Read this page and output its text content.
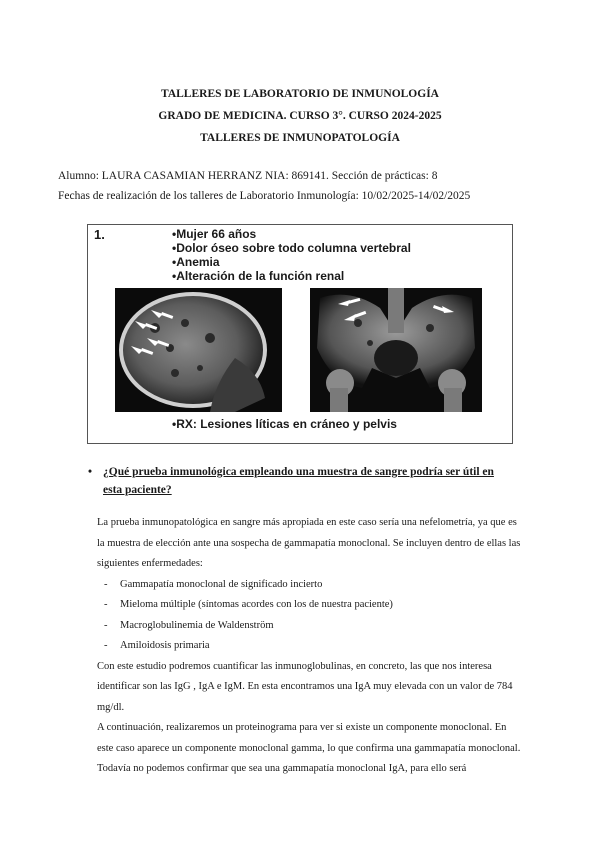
TALLERES DE LABORATORIO DE INMUNOLOGÍA
GRADO DE MEDICINA. CURSO 3°. CURSO 2024-2025
TALLERES DE INMUNOPATOLOGÍA
Alumno: LAURA CASAMIAN HERRANZ NIA: 869141. Sección de prácticas: 8
Fechas de realización de los talleres de Laboratorio Inmunología: 10/02/2025-14/02/2025
1.	•Mujer 66 años
•Dolor óseo sobre todo columna vertebral
•Anemia
•Alteración de la función renal
•RX: Lesiones líticas en cráneo y pelvis
• ¿Qué prueba inmunológica empleando una muestra de sangre podría ser útil en esta paciente?

La prueba inmunopatológica en sangre más apropiada en este caso sería una nefelometría, ya que es la muestra de elección ante una sospecha de gammapatía monoclonal. Se incluyen dentro de ellas las siguientes enfermedades:

- Gammapatía monoclonal de significado incierto
- Mieloma múltiple (síntomas acordes con los de nuestra paciente)
- Macroglobulinemia de Waldenström
- Amiloidosis primaria

Con este estudio podremos cuantificar las inmunoglobulinas, en concreto, las que nos interesa identificar son las IgG , IgA e IgM. En esta encontramos una IgA muy elevada con un valor de 784 mg/dl.

A continuación, realizaremos un proteinograma para ver si existe un componente monoclonal. En este caso aparece un componente monoclonal gamma, lo que confirma una gammapatía monoclonal.

Todavía no podemos confirmar que sea una gammapatía monoclonal IgA, para ello será
